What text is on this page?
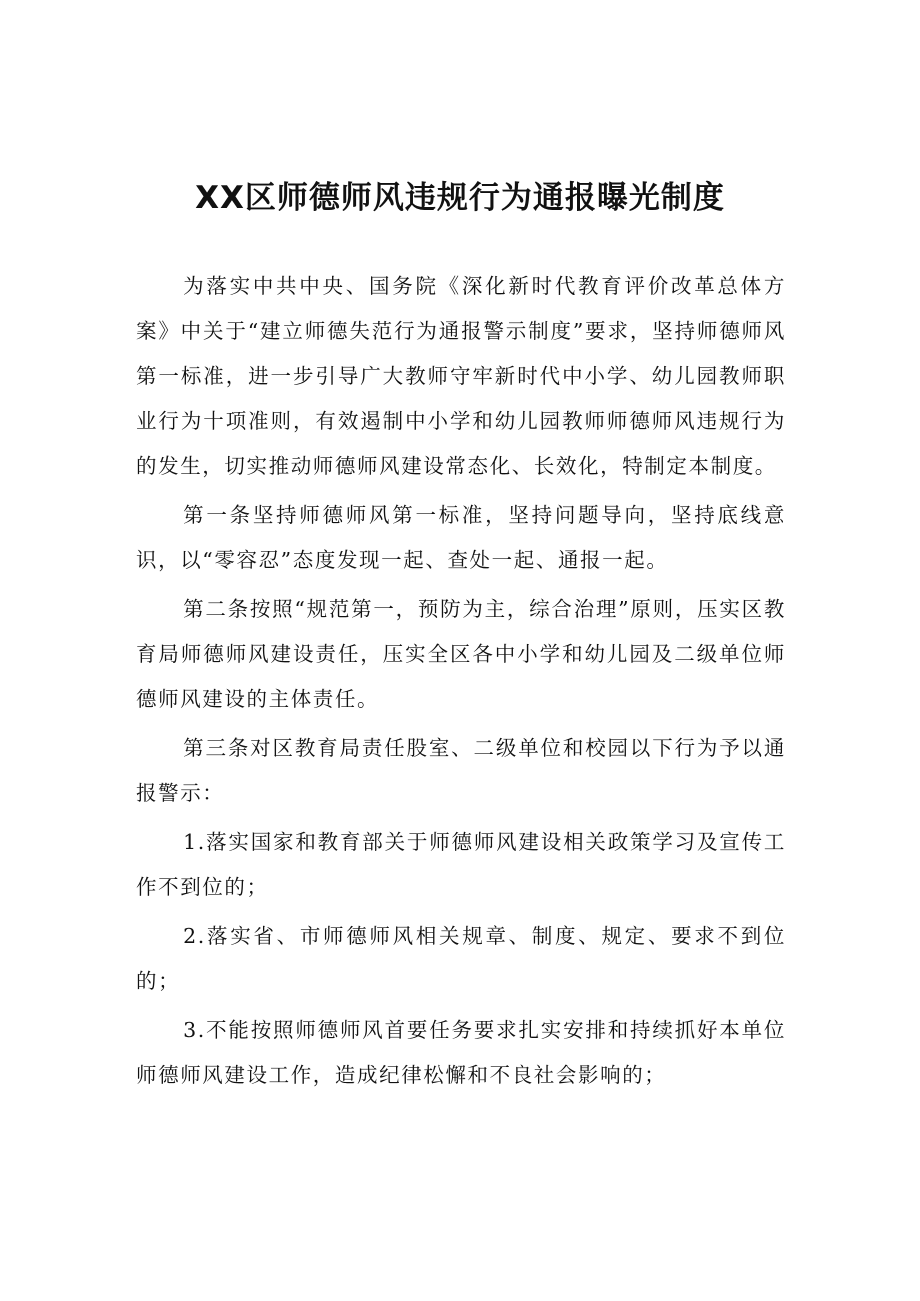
XX区师德师风违规行为通报曝光制度

为落实中共中央、国务院《深化新时代教育评价改革总体方案》中关于“建立师德失范行为通报警示制度”要求，坚持师德师风第一标准，进一步引导广大教师守牢新时代中小学、幼儿园教师职业行为十项准则，有效遏制中小学和幼儿园教师师德师风违规行为的发生，切实推动师德师风建设常态化、长效化，特制定本制度。

第一条坚持师德师风第一标准，坚持问题导向，坚持底线意识，以“零容忍”态度发现一起、查处一起、通报一起。

第二条按照“规范第一，预防为主，综合治理”原则，压实区教育局师德师风建设责任，压实全区各中小学和幼儿园及二级单位师德师风建设的主体责任。

第三条对区教育局责任股室、二级单位和校园以下行为予以通报警示：

1.落实国家和教育部关于师德师风建设相关政策学习及宣传工作不到位的；

2.落实省、市师德师风相关规章、制度、规定、要求不到位的；

3.不能按照师德师风首要任务要求扎实安排和持续抓好本单位师德师风建设工作，造成纪律松懈和不良社会影响的；
